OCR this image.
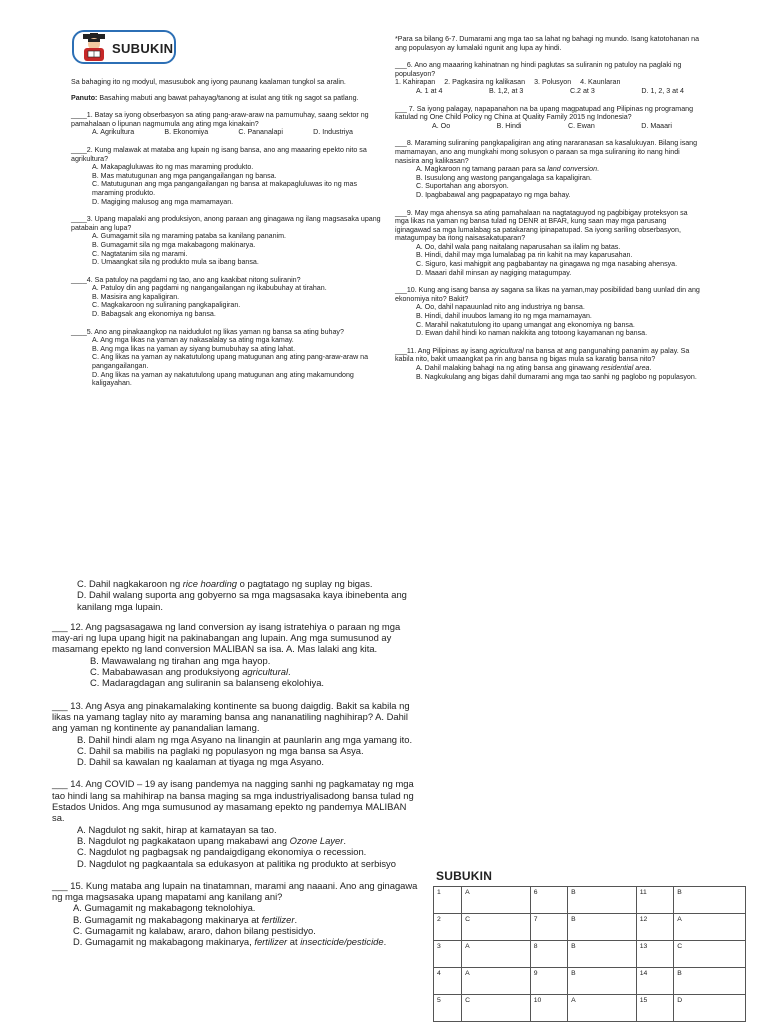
SUBUKIN

Sa bahaging ito ng modyul, masusubok ang iyong paunang kaalaman tungkol sa aralin.

Panuto: Basahing mabuti ang bawat pahayag/tanong at isulat ang titik ng sagot sa patlang.

____1. Batay sa iyong obserbasyon sa ating pang-araw-araw na pamumuhay, saang sektor ng pamahalaan o lipunan nagmumula ang ating mga kinakain?

A. Agrikultura	B. Ekonomiya	C. Pananalapi	D. Industriya

____2. Kung malawak at mataba ang lupain ng isang bansa, ano ang maaaring epekto nito sa agrikultura?

A. Makapagluluwas ito ng mas maraming produkto.

B. Mas matutugunan ang mga pangangailangan ng bansa.

C. Matutugunan ang mga pangangailangan ng bansa at makapagluluwas ito ng mas maraming produkto.

D. Magiging malusog ang mga mamamayan.

____3. Upang mapalaki ang produksiyon, anong paraan ang ginagawa ng ilang magsasaka upang patabain ang lupa?

A. Gumagamit sila ng maraming pataba sa kanilang pananim.

B. Gumagamit sila ng mga makabagong makinarya.

C. Nagtatanim sila ng marami.

D. Umaangkat sila ng produkto mula sa ibang bansa.

____4. Sa patuloy na pagdami ng tao, ano ang kaakibat nitong suliranin?

A. Patuloy din ang pagdami ng nangangailangan ng ikabubuhay at tirahan.

B. Masisira ang kapaligiran.

C. Magkakaroon ng suliraning pangkapaligiran.

D. Babagsak ang ekonomiya ng bansa.

____5. Ano ang pinakaangkop na naidudulot ng likas yaman ng bansa sa ating buhay?

A. Ang mga likas na yaman ay nakasalalay sa ating mga kamay.

B. Ang mga likas na yaman ay siyang bumubuhay sa ating lahat.

C. Ang likas na yaman ay nakatutulong upang matugunan ang ating pang-araw-araw na pangangailangan.

D. Ang likas na yaman ay nakatutulong upang matugunan ang ating makamundong kaligayahan.

*Para sa bilang 6-7. Dumarami ang mga tao sa lahat ng bahagi ng mundo. Isang katotohanan na ang populasyon ay lumalaki ngunit ang lupa ay hindi.

___6. Ano ang maaaring kahinatnan ng hindi paglutas sa suliranin ng patuloy na paglaki ng populasyon?

1. Kahirapan 2. Pagkasira ng kalikasan 3. Polusyon 4. Kaunlaran
A. 1 at 4	B. 1,2, at 3	C.2 at 3	D. 1, 2, 3 at 4

___ 7. Sa iyong palagay, napapanahon na ba upang magpatupad ang Pilipinas ng programang katulad ng One Child Policy ng China at Quality Family 2015 ng Indonesia?

A. Oo	B. Hindi	C. Ewan	D. Maaari

___8. Maraming suliraning pangkapaligiran ang ating nararanasan sa kasalukuyan. Bilang isang mamamayan, ano ang mungkahi mong solusyon o paraan sa mga suliraning ito nang hindi nasisira ang kalikasan?

A. Magkaroon ng tamang paraan para sa land conversion.

B. Isusulong ang wastong pangangalaga sa kapaligiran.

C. Suportahan ang aborsyon.

D. Ipagbabawal ang pagpapatayo ng mga bahay.

___9. May mga ahensya sa ating pamahalaan na nagtataguyod ng pagbibigay proteksyon sa mga likas na yaman ng bansa tulad ng DENR at BFAR, kung saan may mga parusang iginagawad sa mga lumalabag sa patakarang ipinapatupad. Sa iyong sariling obserbasyon, matagumpay ba itong naisasakatuparan?

A. Oo, dahil wala pang naitalang naparusahan sa ilalim ng batas.

B. Hindi, dahil may mga lumalabag pa rin kahit na may kaparusahan.

C. Siguro, kasi mahigpit ang pagbabantay na ginagawa ng mga nasabing ahensya.

D. Maaari dahil minsan ay nagiging matagumpay.

___10. Kung ang isang bansa ay sagana sa likas na yaman,may posibilidad bang uunlad din ang ekonomiya nito? Bakit?

A. Oo, dahil napauunlad nito ang industriya ng bansa.

B. Hindi, dahil inuubos lamang ito ng mga mamamayan.

C. Marahil nakatutulong ito upang umangat ang ekonomiya ng bansa.

D. Ewan dahil hindi ko naman nakikita ang totoong kayamanan ng bansa.

___11. Ang Pilipinas ay isang agricultural na bansa at ang pangunahing pananim ay palay. Sa kabila nito, bakit umaangkat pa rin ang bansa ng bigas mula sa karatig bansa nito?

A. Dahil malaking bahagi na ng ating bansa ang ginawang residential area.

B. Nagkukulang ang bigas dahil dumarami ang mga tao sanhi ng paglobo ng populasyon.

C. Dahil nagkakaroon ng rice hoarding o pagtatago ng suplay ng bigas.

D. Dahil walang suporta ang gobyerno sa mga magsasaka kaya ibinebenta ang kanilang mga lupain.

___ 12. Ang pagsasagawa ng land conversion ay isang istratehiya o paraan ng mga may-ari ng lupa upang higit na pakinabangan ang lupain. Ang mga sumusunod ay masamang epekto ng land conversion MALIBAN sa isa. A. Mas lalaki ang kita.

B. Mawawalang ng tirahan ang mga hayop.

C. Mababawasan ang produksiyong agricultural.

C. Madaragdagan ang suliranin sa balanseng ekolohiya.

___ 13. Ang Asya ang pinakamalaking kontinente sa buong daigdig. Bakit sa kabila ng likas na yamang taglay nito ay maraming bansa ang nananatiling naghihirap? A. Dahil ang yaman ng kontinente ay panandalian lamang.

B. Dahil hindi alam ng mga Asyano na linangin at paunlarin ang mga yamang ito.

C. Dahil sa mabilis na paglaki ng populasyon ng mga bansa sa Asya.

D. Dahil sa kawalan ng kaalaman at tiyaga ng mga Asyano.

___ 14. Ang COVID – 19 ay isang pandemya na nagging sanhi ng pagkamatay ng mga tao hindi lang sa mahihirap na bansa maging sa mga industriyalisadong bansa tulad ng Estados Unidos. Ang mga sumusunod ay masamang epekto ng pandemya MALIBAN sa.

A. Nagdulot ng sakit, hirap at kamatayan sa tao.

B. Nagdulot ng pagkakataon upang makabawi ang Ozone Layer.

C. Nagdulot ng pagbagsak ng pandaigdigang ekonomiya o recession.

D. Nagdulot ng pagkaantala sa edukasyon at palitika ng produkto at serbisyo

___ 15. Kung mataba ang lupain na tinatamnan, marami ang naaani. Ano ang ginagawa ng mga magsasaka upang mapatami ang kanilang ani?

A. Gumagamit ng makabagong teknolohiya.

B. Gumagamit ng makabagong makinarya at fertilizer.

C. Gumagamit ng kalabaw, araro, dahon bilang pestisidyo.

D. Gumagamit ng makabagong makinarya, fertilizer at insecticide/pesticide.

SUBUKIN
1	A	6	B	11	B
2	C	7	B	12	A
3	A	8	B	13	C
4	A	9	B	14	B
5	C	10	A	15	D
